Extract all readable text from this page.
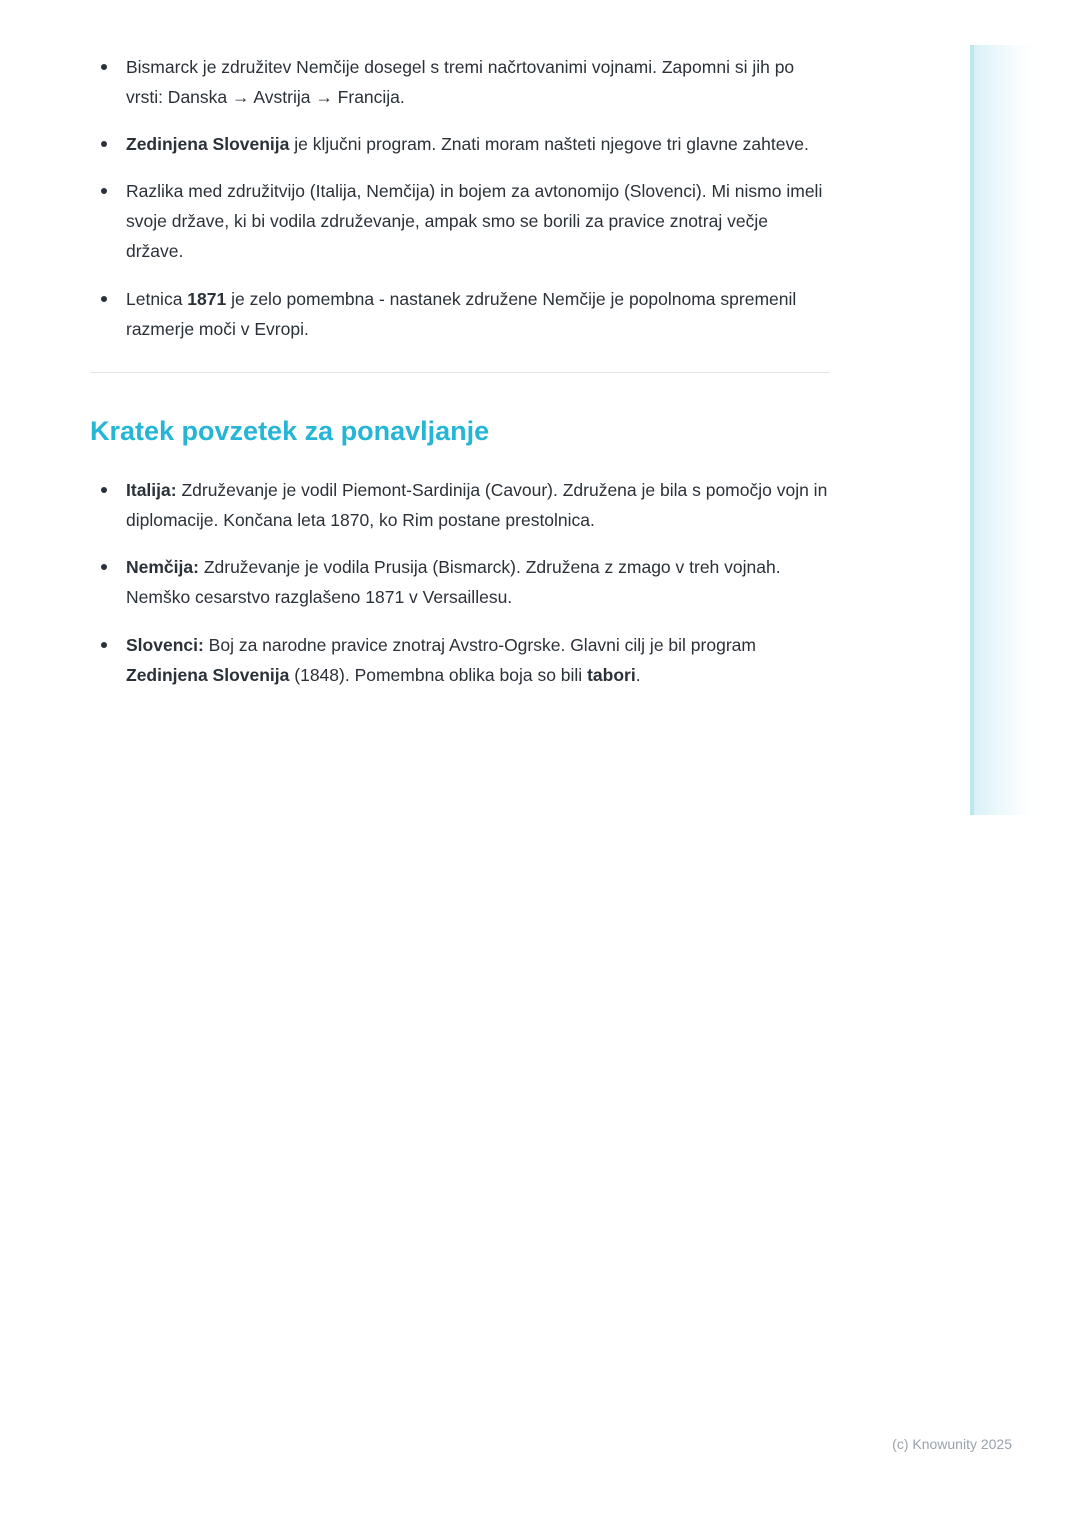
Bismarck je združitev Nemčije dosegel s tremi načrtovanimi vojnami. Zapomni si jih po vrsti: Danska → Avstrija → Francija.
Zedinjena Slovenija je ključni program. Znati moram našteti njegove tri glavne zahteve.
Razlika med združitvijo (Italija, Nemčija) in bojem za avtonomijo (Slovenci). Mi nismo imeli svoje države, ki bi vodila združevanje, ampak smo se borili za pravice znotraj večje države.
Letnica 1871 je zelo pomembna - nastanek združene Nemčije je popolnoma spremenil razmerje moči v Evropi.
Kratek povzetek za ponavljanje
Italija: Združevanje je vodil Piemont-Sardinija (Cavour). Združena je bila s pomočjo vojn in diplomacije. Končana leta 1870, ko Rim postane prestolnica.
Nemčija: Združevanje je vodila Prusija (Bismarck). Združena z zmago v treh vojnah. Nemško cesarstvo razglašeno 1871 v Versaillesu.
Slovenci: Boj za narodne pravice znotraj Avstro-Ogrske. Glavni cilj je bil program Zedinjena Slovenija (1848). Pomembna oblika boja so bili tabori.
(c) Knowunity 2025
